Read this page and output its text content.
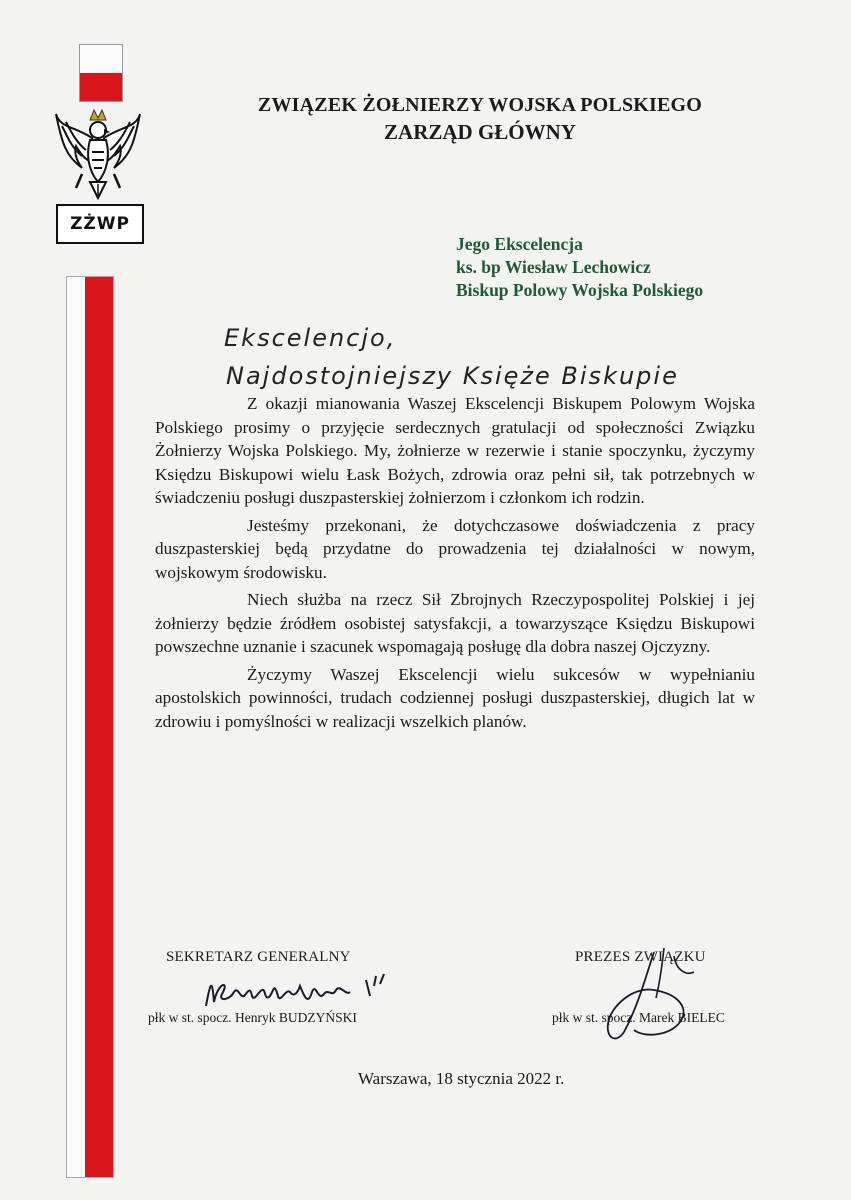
ZŻWP
ZWIĄZEK ŻOŁNIERZY WOJSKA POLSKIEGO
ZARZĄD GŁÓWNY
Jego Ekscelencja
ks. bp Wiesław Lechowicz
Biskup Polowy Wojska Polskiego
Ekscelencjo,
Najdostojniejszy Księże Biskupie

Z okazji mianowania Waszej Ekscelencji Biskupem Polowym Wojska Polskiego prosimy o przyjęcie serdecznych gratulacji od społeczności Związku Żołnierzy Wojska Polskiego. My, żołnierze w rezerwie i stanie spoczynku, życzymy Księdzu Biskupowi wielu Łask Bożych, zdrowia oraz pełni sił, tak potrzebnych w świadczeniu posługi duszpasterskiej żołnierzom i członkom ich rodzin.

Jesteśmy przekonani, że dotychczasowe doświadczenia z pracy duszpasterskiej będą przydatne do prowadzenia tej działalności w nowym, wojskowym środowisku.

Niech służba na rzecz Sił Zbrojnych Rzeczypospolitej Polskiej i jej żołnierzy będzie źródłem osobistej satysfakcji, a towarzyszące Księdzu Biskupowi powszechne uznanie i szacunek wspomagają posługę dla dobra naszej Ojczyzny.

Życzymy Waszej Ekscelencji wielu sukcesów w wypełnianiu apostolskich powinności, trudach codziennej posługi duszpasterskiej, długich lat w zdrowiu i pomyślności w realizacji wszelkich planów.

SEKRETARZ GENERALNY
płk w st. spocz. Henryk BUDZYŃSKI
PREZES ZWIĄZKU
płk w st. spocz. Marek BIELEC
Warszawa, 18 stycznia 2022 r.
